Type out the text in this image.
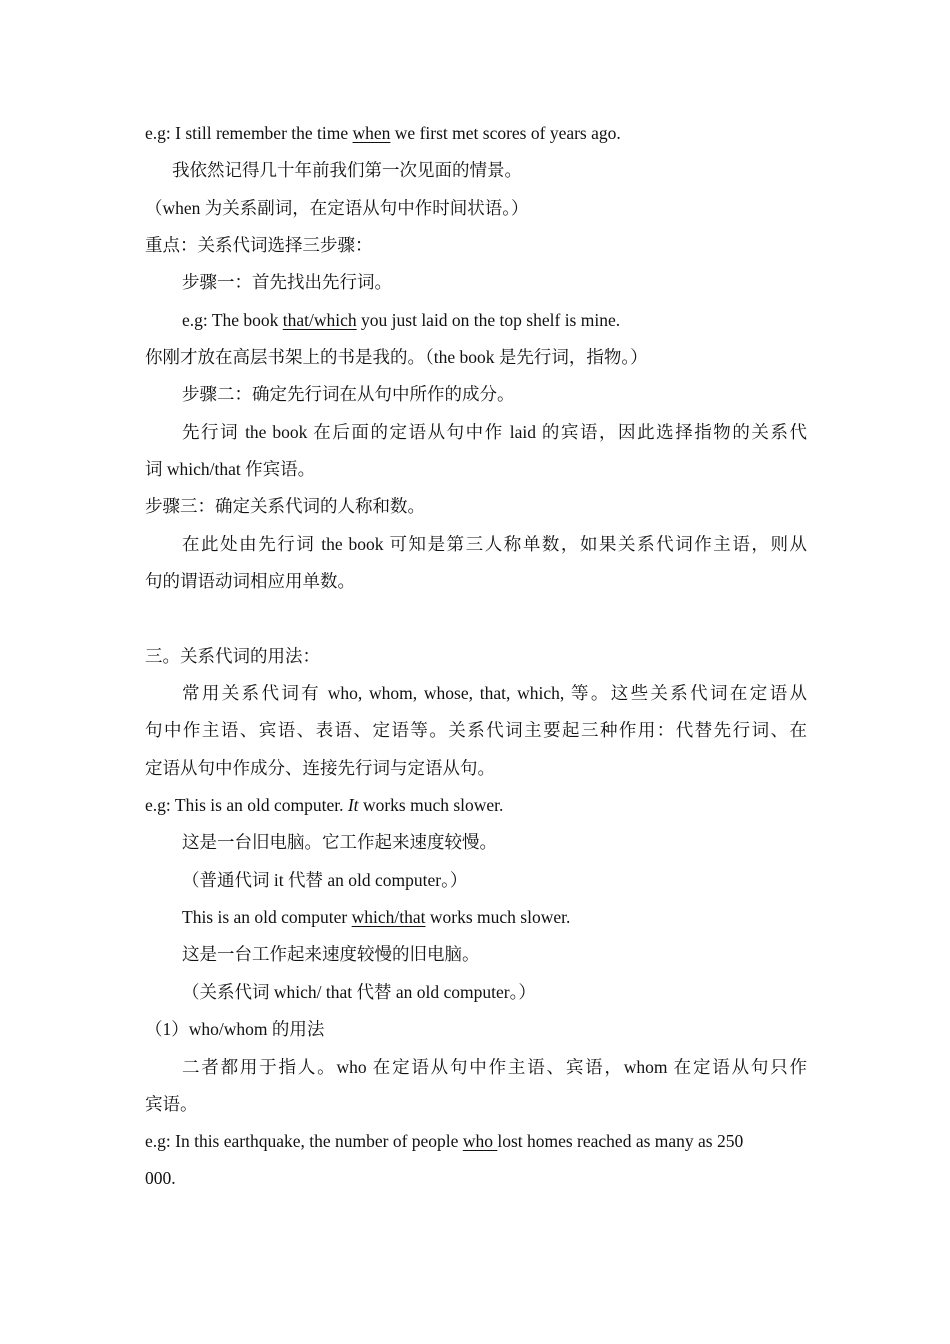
e.g: I still remember the time when we first met scores of years ago.
我依然记得几十年前我们第一次见面的情景。
（when 为关系副词，在定语从句中作时间状语。）
重点：关系代词选择三步骤：
步骤一：首先找出先行词。
e.g: The book that/which you just laid on the top shelf is mine.
你刚才放在高层书架上的书是我的。（the book 是先行词，指物。）
步骤二：确定先行词在从句中所作的成分。
先行词 the book 在后面的定语从句中作 laid 的宾语，因此选择指物的关系代
词 which/that 作宾语。
步骤三：确定关系代词的人称和数。
在此处由先行词 the book 可知是第三人称单数，如果关系代词作主语，则从
句的谓语动词相应用单数。
三。关系代词的用法：
常用关系代词有 who, whom, whose, that, which, 等。这些关系代词在定语从
句中作主语、宾语、表语、定语等。关系代词主要起三种作用：代替先行词、在
定语从句中作成分、连接先行词与定语从句。
e.g: This is an old computer. It works much slower.
这是一台旧电脑。它工作起来速度较慢。
（普通代词 it 代替 an old computer。）
This is an old computer which/that works much slower.
这是一台工作起来速度较慢的旧电脑。
（关系代词 which/ that 代替 an old computer。）
（1）who/whom 的用法
二者都用于指人。who 在定语从句中作主语、宾语，whom 在定语从句只作
宾语。
e.g: In this earthquake, the number of people who lost homes reached as many as 250
000.
